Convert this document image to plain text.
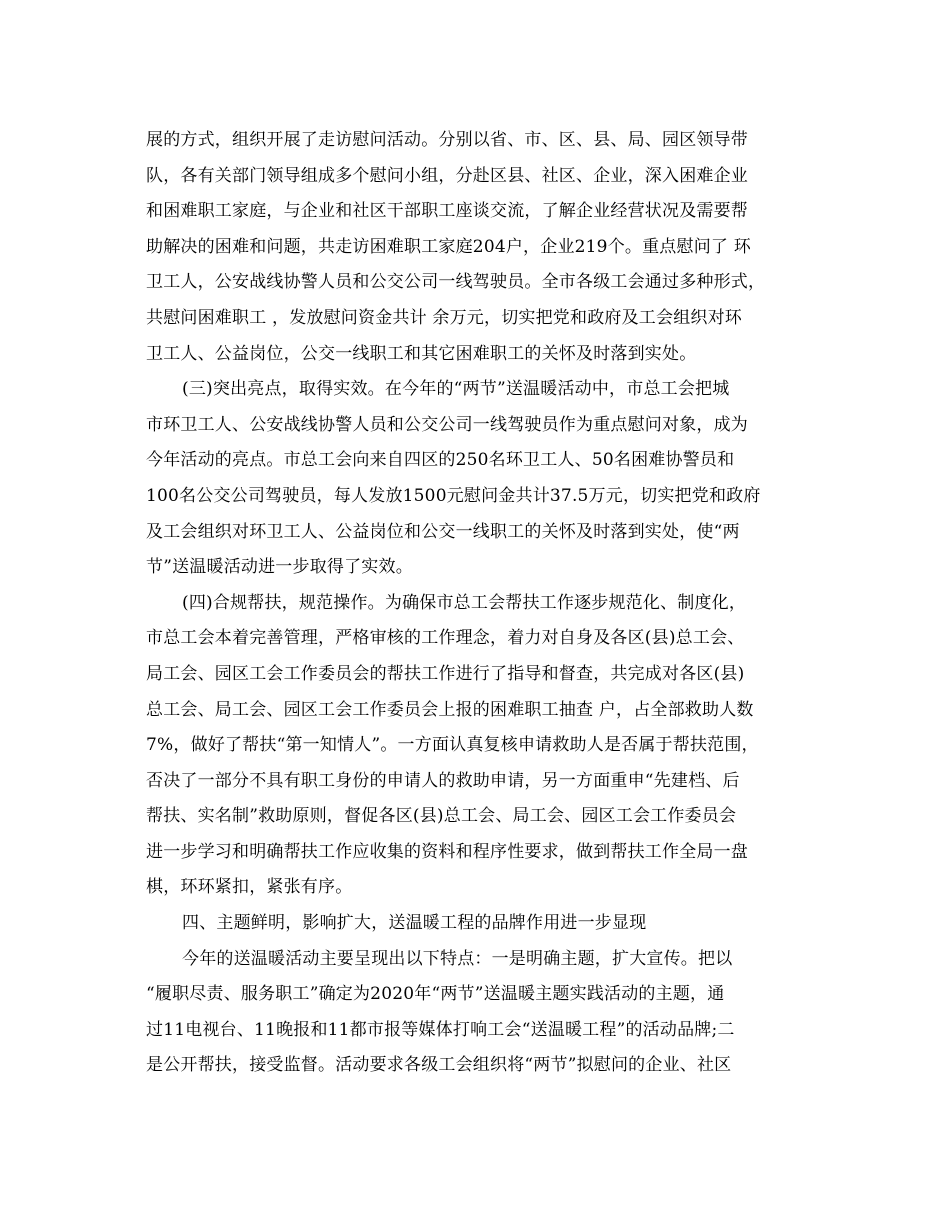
展的方式，组织开展了走访慰问活动。分别以省、市、区、县、局、园区领导带
队，各有关部门领导组成多个慰问小组，分赴区县、社区、企业，深入困难企业
和困难职工家庭，与企业和社区干部职工座谈交流，了解企业经营状况及需要帮
助解决的困难和问题，共走访困难职工家庭204户，企业219个。重点慰问了 环
卫工人，公安战线协警人员和公交公司一线驾驶员。全市各级工会通过多种形式，
共慰问困难职工 ，发放慰问资金共计 余万元，切实把党和政府及工会组织对环
卫工人、公益岗位，公交一线职工和其它困难职工的关怀及时落到实处。
(三)突出亮点，取得实效。在今年的“两节”送温暖活动中，市总工会把城
市环卫工人、公安战线协警人员和公交公司一线驾驶员作为重点慰问对象，成为
今年活动的亮点。市总工会向来自四区的250名环卫工人、50名困难协警员和
100名公交公司驾驶员，每人发放1500元慰问金共计37.5万元，切实把党和政府
及工会组织对环卫工人、公益岗位和公交一线职工的关怀及时落到实处，使“两
节”送温暖活动进一步取得了实效。
(四)合规帮扶，规范操作。为确保市总工会帮扶工作逐步规范化、制度化，
市总工会本着完善管理，严格审核的工作理念，着力对自身及各区(县)总工会、
局工会、园区工会工作委员会的帮扶工作进行了指导和督查，共完成对各区(县)
总工会、局工会、园区工会工作委员会上报的困难职工抽查 户，占全部救助人数
7%，做好了帮扶“第一知情人”。一方面认真复核申请救助人是否属于帮扶范围，
否决了一部分不具有职工身份的申请人的救助申请，另一方面重申“先建档、后
帮扶、实名制”救助原则，督促各区(县)总工会、局工会、园区工会工作委员会
进一步学习和明确帮扶工作应收集的资料和程序性要求，做到帮扶工作全局一盘
棋，环环紧扣，紧张有序。
四、主题鲜明，影响扩大，送温暖工程的品牌作用进一步显现
今年的送温暖活动主要呈现出以下特点：一是明确主题，扩大宣传。把以
“履职尽责、服务职工”确定为2020年“两节”送温暖主题实践活动的主题，通
过11电视台、11晚报和11都市报等媒体打响工会“送温暖工程”的活动品牌;二
是公开帮扶，接受监督。活动要求各级工会组织将“两节”拟慰问的企业、社区
